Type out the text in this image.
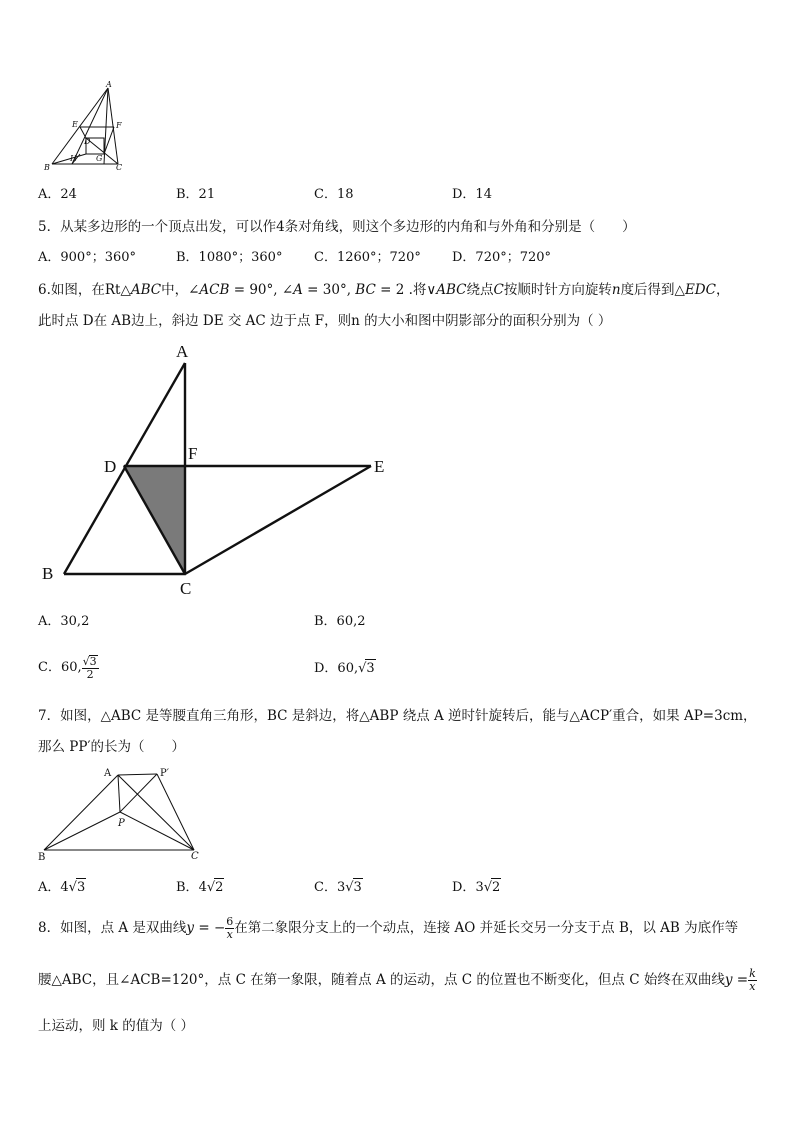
A
E	F
D
B
H G
C
A．24	B．21	C．18	D．14
5．从某多边形的一个顶点出发，可以作4条对角线，则这个多边形的内角和与外角和分别是（　　）
A．900°；360°	B．1080°；360° C．1260°；720° D．720°；720°
6.如图，在Rt△ABC中，∠ACB = 90°, ∠A = 30°, BC = 2 .将∨ABC绕点C按顺时针方向旋转n度后得到△EDC，
此时点 D在 AB边上，斜边 DE 交 AC 边于点 F，则n 的大小和图中阴影部分的面积分别为（ ）
A
F
D	E
B
C
A．30,2	B．60,2
C．60, $\frac{√3}{2}$	D．60,√3
7．如图，△ABC 是等腰直角三角形，BC 是斜边，将△ABP 绕点 A 逆时针旋转后，能与△ACP′重合，如果 AP=3cm，
那么 PP′的长为（　　）
A	P′
P
B	C
A．4√3	B．4√2	C．3√3	D．3√2
8．如图，点 A 是双曲线y = − $\frac{6}{x}$ 在第二象限分支上的一个动点，连接 AO 并延长交另一分支于点 B，以 AB 为底作等
腰△ABC，且∠ACB=120°，点 C 在第一象限，随着点 A 的运动，点 C 的位置也不断变化，但点 C 始终在双曲线$y = \frac{k}{x}$
上运动，则 k 的值为（ ）
